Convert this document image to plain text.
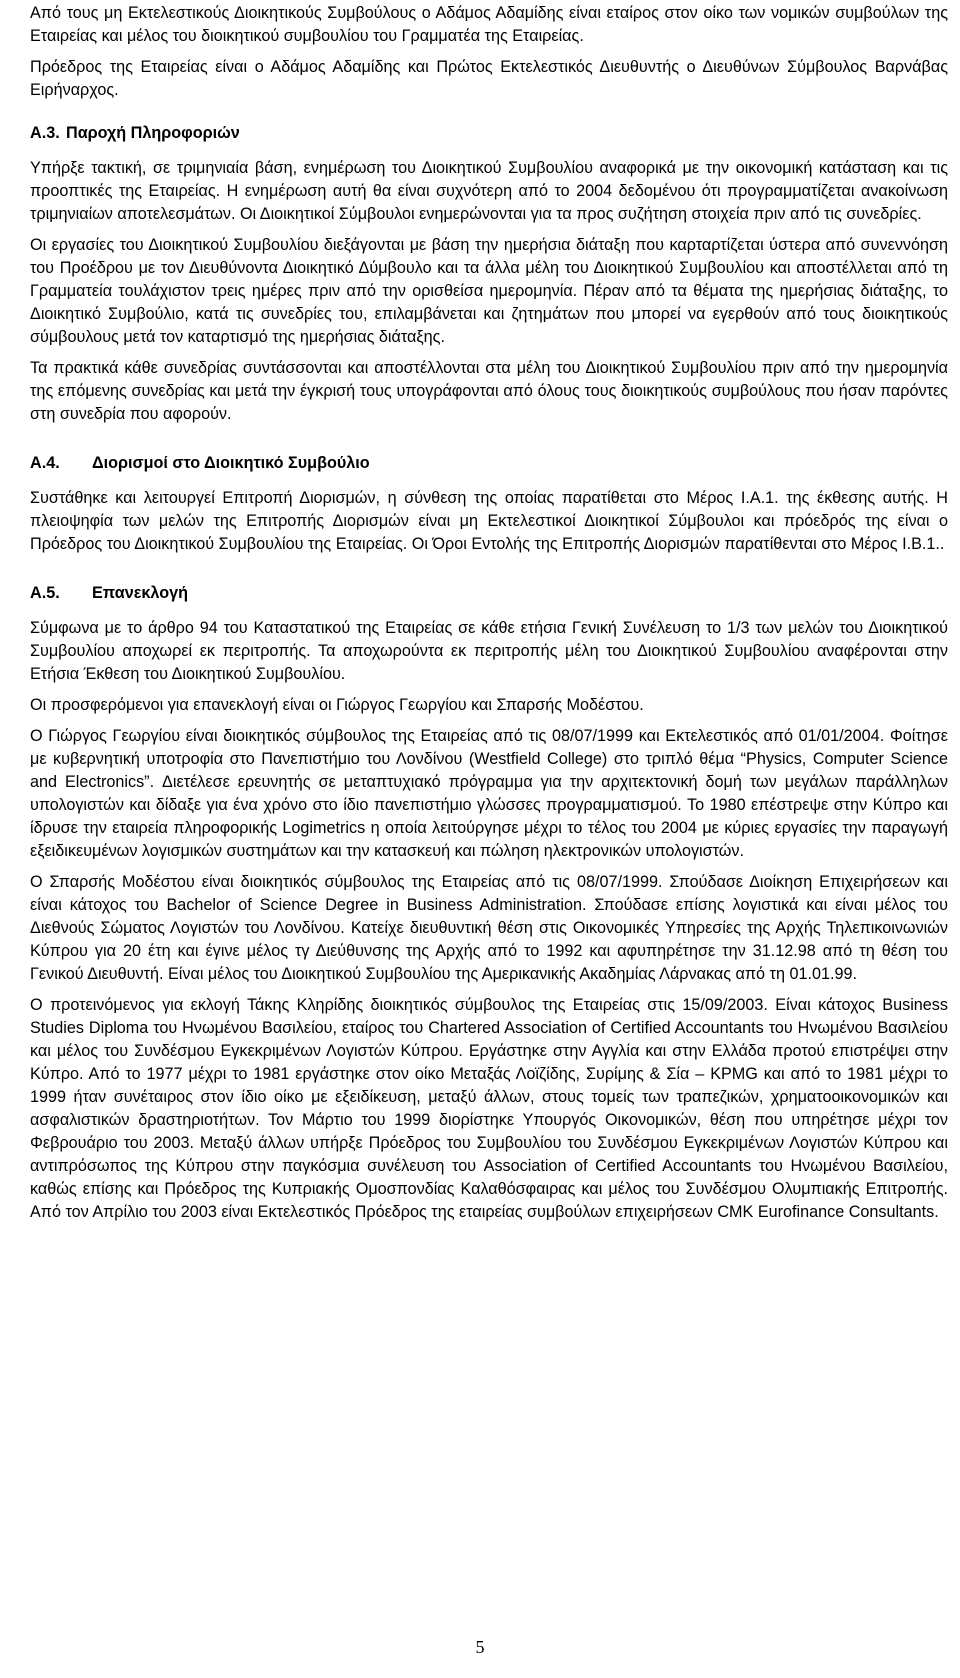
Από τους μη Εκτελεστικούς Διοικητικούς Συμβούλους ο Αδάμος Αδαμίδης είναι εταίρος στον οίκο των νομικών συμβούλων της Εταιρείας και μέλος του διοικητικού συμβουλίου του Γραμματέα της Εταιρείας.

Πρόεδρος της Εταιρείας είναι ο Αδάμος Αδαμίδης και Πρώτος Εκτελεστικός Διευθυντής ο Διευθύνων Σύμβουλος Βαρνάβας Ειρήναρχος.

Α.3. Παροχή Πληροφοριών

Υπήρξε τακτική, σε τριμηνιαία βάση, ενημέρωση του Διοικητικού Συμβουλίου αναφορικά με την οικονομική κατάσταση και τις προοπτικές της Εταιρείας. Η ενημέρωση αυτή θα είναι συχνότερη από το 2004 δεδομένου ότι προγραμματίζεται ανακοίνωση τριμηνιαίων αποτελεσμάτων. Οι Διοικητικοί Σύμβουλοι ενημερώνονται για τα προς συζήτηση στοιχεία πριν από τις συνεδρίες.

Οι εργασίες του Διοικητικού Συμβουλίου διεξάγονται με βάση την ημερήσια διάταξη που καρταρτίζεται ύστερα από συνεννόηση του Προέδρου με τον Διευθύνοντα Διοικητικό Δύμβουλο και τα άλλα μέλη του Διοικητικού Συμβουλίου και αποστέλλεται από τη Γραμματεία τουλάχιστον τρεις ημέρες πριν από την ορισθείσα ημερομηνία. Πέραν από τα θέματα της ημερήσιας διάταξης, το Διοικητικό Συμβούλιο, κατά τις συνεδρίες του, επιλαμβάνεται και ζητημάτων που μπορεί να εγερθούν από τους διοικητικούς σύμβουλους μετά τον καταρτισμό της ημερήσιας διάταξης.

Τα πρακτικά κάθε συνεδρίας συντάσσονται και αποστέλλονται στα μέλη του Διοικητικού Συμβουλίου πριν από την ημερομηνία της επόμενης συνεδρίας και μετά την έγκρισή τους υπογράφονται από όλους τους διοικητικούς συμβούλους που ήσαν παρόντες στη συνεδρία που αφορούν.

Α.4.	Διορισμοί στο Διοικητικό Συμβούλιο

Συστάθηκε και λειτουργεί Επιτροπή Διορισμών, η σύνθεση της οποίας παρατίθεται στο Μέρος Ι.Α.1. της έκθεσης αυτής. Η πλειοψηφία των μελών της Επιτροπής Διορισμών είναι μη Εκτελεστικοί Διοικητικοί Σύμβουλοι και πρόεδρός της είναι ο Πρόεδρος του Διοικητικού Συμβουλίου της Εταιρείας. Οι Όροι Εντολής της Επιτροπής Διορισμών παρατίθενται στο Μέρος Ι.Β.1..

Α.5.	Επανεκλογή

Σύμφωνα με το άρθρο 94 του Καταστατικού της Εταιρείας σε κάθε ετήσια Γενική Συνέλευση το 1/3 των μελών του Διοικητικού Συμβουλίου αποχωρεί εκ περιτροπής. Τα αποχωρούντα εκ περιτροπής μέλη του Διοικητικού Συμβουλίου αναφέρονται στην Ετήσια Έκθεση του Διοικητικού Συμβουλίου.

Οι προσφερόμενοι για επανεκλογή είναι οι Γιώργος Γεωργίου και Σπαρσής Μοδέστου.

Ο Γιώργος Γεωργίου είναι διοικητικός σύμβουλος της Εταιρείας από τις 08/07/1999 και Εκτελεστικός από 01/01/2004. Φοίτησε με κυβερνητική υποτροφία στο Πανεπιστήμιο του Λονδίνου (Westfield College) στο τριπλό θέμα “Physics, Computer Science and Electronics”. Διετέλεσε ερευνητής σε μεταπτυχιακό πρόγραμμα για την αρχιτεκτονική δομή των μεγάλων παράλληλων υπολογιστών και δίδαξε για ένα χρόνο στο ίδιο πανεπιστήμιο γλώσσες προγραμματισμού. Το 1980 επέστρεψε στην Κύπρο και ίδρυσε την εταιρεία πληροφορικής Logimetrics η οποία λειτούργησε μέχρι το τέλος του 2004 με κύριες εργασίες την παραγωγή εξειδικευμένων λογισμικών συστημάτων και την κατασκευή και πώληση ηλεκτρονικών υπολογιστών.

Ο Σπαρσής Μοδέστου είναι διοικητικός σύμβουλος της Εταιρείας από τις 08/07/1999. Σπούδασε Διοίκηση Επιχειρήσεων και είναι κάτοχος του Bachelor of Science Degree in Business Administration. Σπούδασε επίσης λογιστικά και είναι μέλος του Διεθνούς Σώματος Λογιστών του Λονδίνου. Κατείχε διευθυντική θέση στις Οικονομικές Υπηρεσίες της Αρχής Τηλεπικοινωνιών Κύπρου για 20 έτη και έγινε μέλος τγ Διεύθυνσης της Αρχής από το 1992 και αφυπηρέτησε την 31.12.98 από τη θέση του Γενικού Διευθυντή. Είναι μέλος του Διοικητικού Συμβουλίου της Αμερικανικής Ακαδημίας Λάρνακας από τη 01.01.99.

Ο προτεινόμενος για εκλογή Τάκης Κληρίδης διοικητικός σύμβουλος της Εταιρείας στις 15/09/2003. Είναι κάτοχος Business Studies Diploma του Ηνωμένου Βασιλείου, εταίρος του Chartered Association of Certified Accountants του Ηνωμένου Βασιλείου και μέλος του Συνδέσμου Εγκεκριμένων Λογιστών Κύπρου. Εργάστηκε στην Αγγλία και στην Ελλάδα προτού επιστρέψει στην Κύπρο. Από το 1977 μέχρι το 1981 εργάστηκε στον οίκο Μεταξάς Λοϊζίδης, Συρίμης & Σία – KPMG και από το 1981 μέχρι το 1999 ήταν συνέταιρος στον ίδιο οίκο με εξειδίκευση, μεταξύ άλλων, στους τομείς των τραπεζικών, χρηματοοικονομικών και ασφαλιστικών δραστηριοτήτων. Τον Μάρτιο του 1999 διορίστηκε Υπουργός Οικονομικών, θέση που υπηρέτησε μέχρι τον Φεβρουάριο του 2003. Μεταξύ άλλων υπήρξε Πρόεδρος του Συμβουλίου του Συνδέσμου Εγκεκριμένων Λογιστών Κύπρου και αντιπρόσωπος της Κύπρου στην παγκόσμια συνέλευση του Association of Certified Accountants του Ηνωμένου Βασιλείου, καθώς επίσης και Πρόεδρος της Κυπριακής Ομοσπονδίας Καλαθόσφαιρας και μέλος του Συνδέσμου Ολυμπιακής Επιτροπής. Από τον Απρίλιο του 2003 είναι Εκτελεστικός Πρόεδρος της εταιρείας συμβούλων επιχειρήσεων CMK Eurofinance Consultants.

5
